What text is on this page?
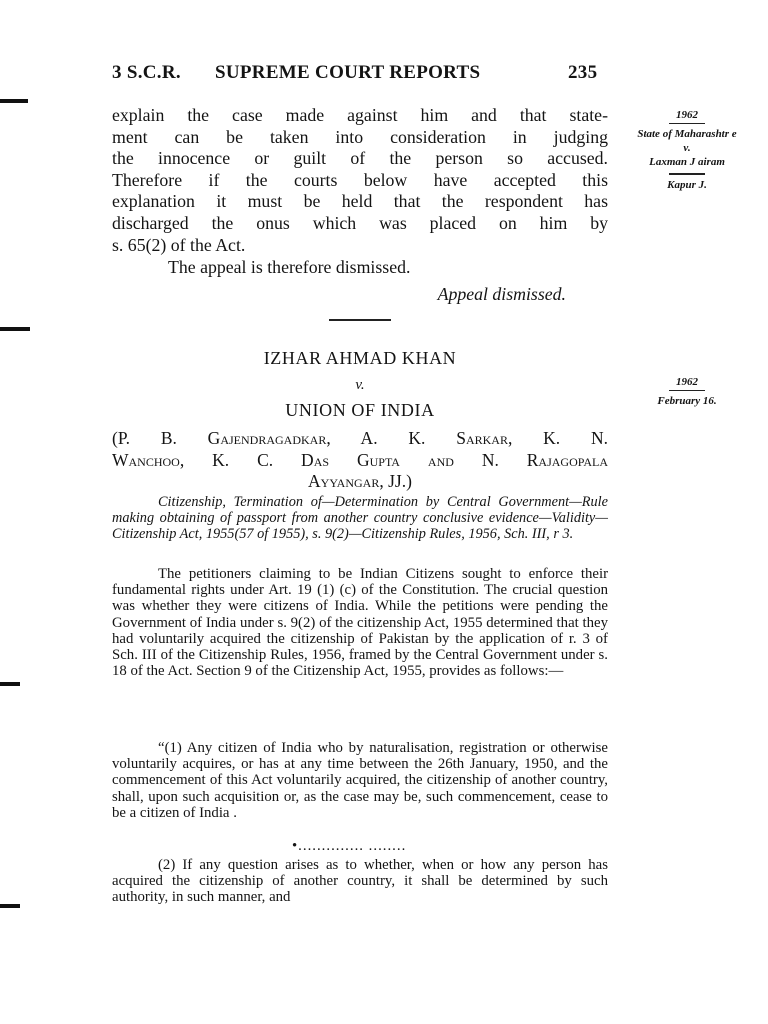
3 S.C.R. SUPREME COURT REPORTS	235
1962
State of Maharashtr e
v.
Laxman J airam
Kapur J.
explain the case made against him and that state-
ment can be taken into consideration in judging
the innocence or guilt of the person so accused.
Therefore if the courts below have accepted this
explanation it must be held that the respondent has
discharged the onus which was placed on him by
s. 65(2) of the Act.
The appeal is therefore dismissed.
Appeal dismissed.
IZHAR AHMAD KHAN
v.
UNION OF INDIA
1962
February 16.
(P. B. Gajendragadkar, A. K. Sarkar, K. N.
Wanchoo, K. C. Das Gupta and N. Rajagopala
Ayyangar, JJ.)
Citizenship, Termination of—Determination by Central Government—Rule making obtaining of passport from another country conclusive evidence—Validity—Citizenship Act, 1955(57 of 1955), s. 9(2)—Citizenship Rules, 1956, Sch. III, r 3.
The petitioners claiming to be Indian Citizens sought to enforce their fundamental rights under Art. 19 (1) (c) of the Constitution. The crucial question was whether they were citizens of India. While the petitions were pending the Government of India under s. 9(2) of the citizenship Act, 1955 determined that they had voluntarily acquired the citizenship of Pakistan by the application of r. 3 of Sch. III of the Citizenship Rules, 1956, framed by the Central Government under s. 18 of the Act. Section 9 of the Citizenship Act, 1955, provides as follows:—
“(1) Any citizen of India who by naturalisation, registration or otherwise voluntarily acquires, or has at any time between the 26th January, 1950, and the commencement of this Act voluntarily acquired, the citizenship of another country, shall, upon such acquisition or, as the case may be, such commencement, cease to be a citizen of India .
•.............. ........
(2) If any question arises as to whether, when or how any person has acquired the citizenship of another country, it shall be determined by such authority, in such manner, and
